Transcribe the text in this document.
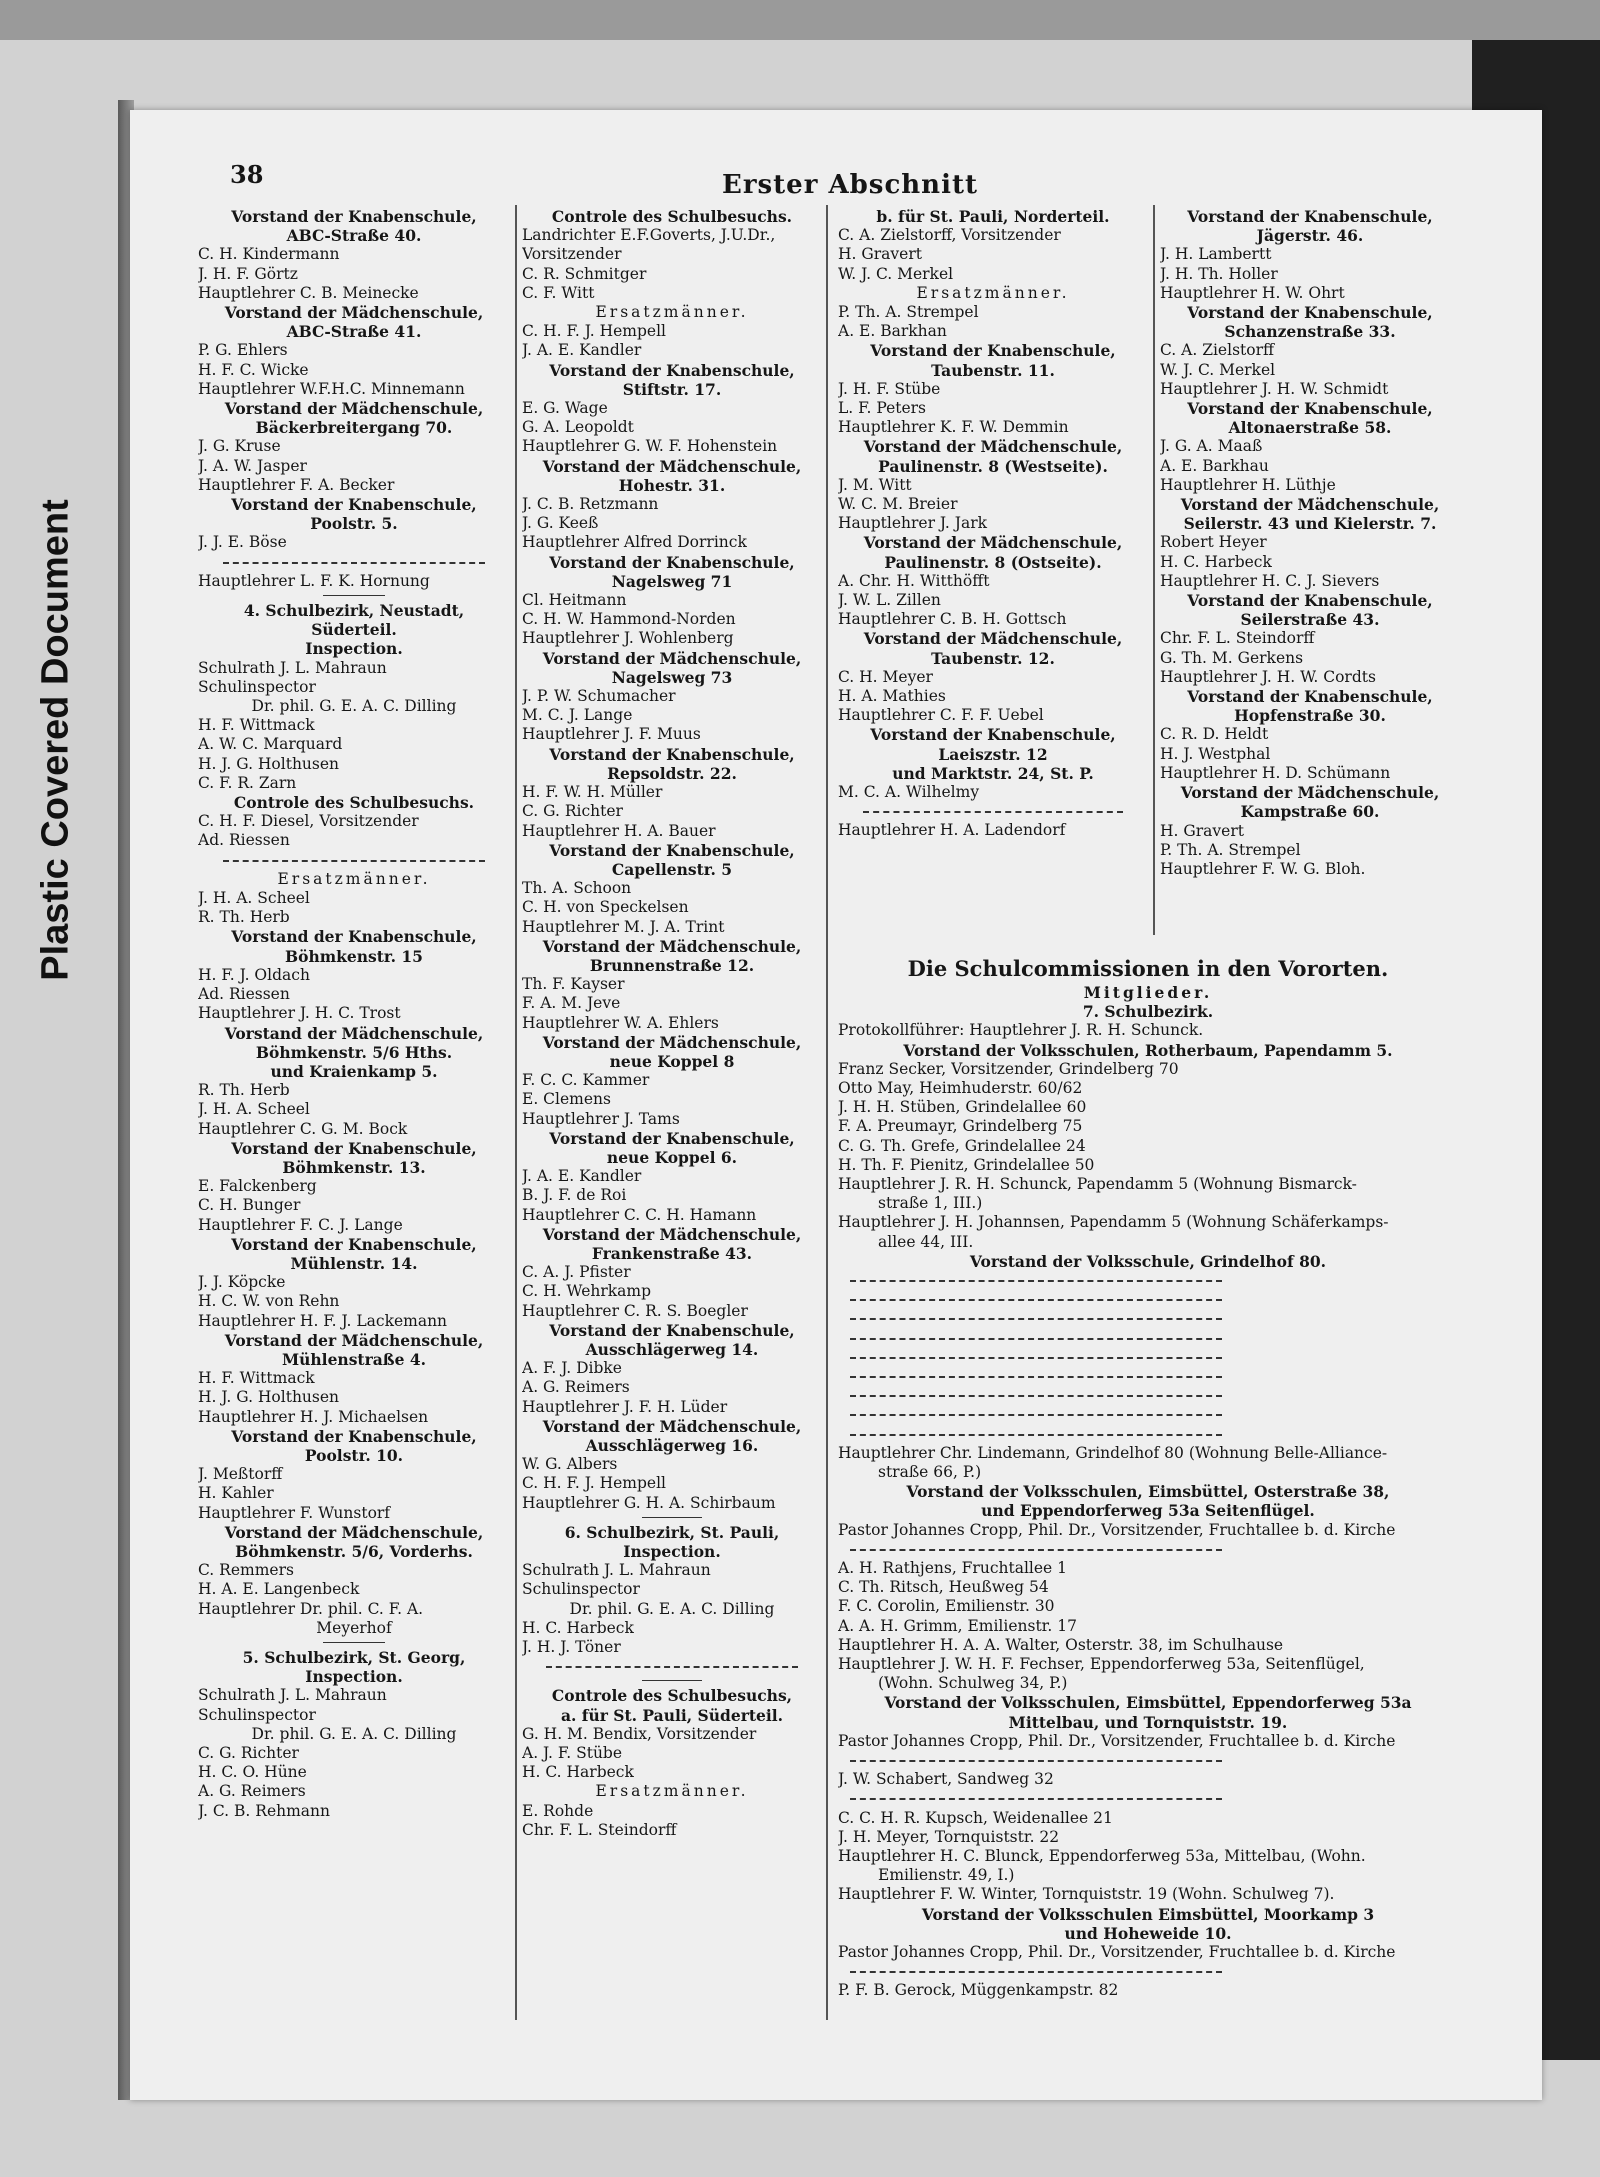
Plastic Covered Document
38	Erster Abschnitt
Vorstand der Knabenschule,
ABC-Straße 40.
C. H. Kindermann
J. H. F. Görtz
Hauptlehrer C. B. Meinecke
Vorstand der Mädchenschule,
ABC-Straße 41.
P. G. Ehlers
H. F. C. Wicke
Hauptlehrer W.F.H.C. Minnemann
Vorstand der Mädchenschule,
Bäckerbreitergang 70.
J. G. Kruse
J. A. W. Jasper
Hauptlehrer F. A. Becker
Vorstand der Knabenschule,
Poolstr. 5.
J. J. E. Böse
Hauptlehrer L. F. K. Hornung
4. Schulbezirk, Neustadt,
Süderteil.
Inspection.
Schulrath J. L. Mahraun
Schulinspector
Dr. phil. G. E. A. C. Dilling
H. F. Wittmack
A. W. C. Marquard
H. J. G. Holthusen
C. F. R. Zarn
Controle des Schulbesuchs.
C. H. F. Diesel, Vorsitzender
Ad. Riessen
Ersatzmänner.
J. H. A. Scheel
R. Th. Herb
Vorstand der Knabenschule,
Böhmkenstr. 15
H. F. J. Oldach
Ad. Riessen
Hauptlehrer J. H. C. Trost
Vorstand der Mädchenschule,
Böhmkenstr. 5/6 Hths.
und Kraienkamp 5.
R. Th. Herb
J. H. A. Scheel
Hauptlehrer C. G. M. Bock
Vorstand der Knabenschule,
Böhmkenstr. 13.
E. Falckenberg
C. H. Bunger
Hauptlehrer F. C. J. Lange
Vorstand der Knabenschule,
Mühlenstr. 14.
J. J. Köpcke
H. C. W. von Rehn
Hauptlehrer H. F. J. Lackemann
Vorstand der Mädchenschule,
Mühlenstraße 4.
H. F. Wittmack
H. J. G. Holthusen
Hauptlehrer H. J. Michaelsen
Vorstand der Knabenschule,
Poolstr. 10.
J. Meßtorff
H. Kahler
Hauptlehrer F. Wunstorf
Vorstand der Mädchenschule,
Böhmkenstr. 5/6, Vorderhs.
C. Remmers
H. A. E. Langenbeck
Hauptlehrer Dr. phil. C. F. A.
Meyerhof
5. Schulbezirk, St. Georg,
Inspection.
Schulrath J. L. Mahraun
Schulinspector
Dr. phil. G. E. A. C. Dilling
C. G. Richter
H. C. O. Hüne
A. G. Reimers
J. C. B. Rehmann
Controle des Schulbesuchs.
Landrichter E.F.Goverts, J.U.Dr.,
Vorsitzender
C. R. Schmitger
C. F. Witt
Ersatzmänner.
C. H. F. J. Hempell
J. A. E. Kandler
Vorstand der Knabenschule,
Stiftstr. 17.
E. G. Wage
G. A. Leopoldt
Hauptlehrer G. W. F. Hohenstein
Vorstand der Mädchenschule,
Hohestr. 31.
J. C. B. Retzmann
J. G. Keeß
Hauptlehrer Alfred Dorrinck
Vorstand der Knabenschule,
Nagelsweg 71
Cl. Heitmann
C. H. W. Hammond-Norden
Hauptlehrer J. Wohlenberg
Vorstand der Mädchenschule,
Nagelsweg 73
J. P. W. Schumacher
M. C. J. Lange
Hauptlehrer J. F. Muus
Vorstand der Knabenschule,
Repsoldstr. 22.
H. F. W. H. Müller
C. G. Richter
Hauptlehrer H. A. Bauer
Vorstand der Knabenschule,
Capellenstr. 5
Th. A. Schoon
C. H. von Speckelsen
Hauptlehrer M. J. A. Trint
Vorstand der Mädchenschule,
Brunnenstraße 12.
Th. F. Kayser
F. A. M. Jeve
Hauptlehrer W. A. Ehlers
Vorstand der Mädchenschule,
neue Koppel 8
F. C. C. Kammer
E. Clemens
Hauptlehrer J. Tams
Vorstand der Knabenschule,
neue Koppel 6.
J. A. E. Kandler
B. J. F. de Roi
Hauptlehrer C. C. H. Hamann
Vorstand der Mädchenschule,
Frankenstraße 43.
C. A. J. Pfister
C. H. Wehrkamp
Hauptlehrer C. R. S. Boegler
Vorstand der Knabenschule,
Ausschlägerweg 14.
A. F. J. Dibke
A. G. Reimers
Hauptlehrer J. F. H. Lüder
Vorstand der Mädchenschule,
Ausschlägerweg 16.
W. G. Albers
C. H. F. J. Hempell
Hauptlehrer G. H. A. Schirbaum
6. Schulbezirk, St. Pauli,
Inspection.
Schulrath J. L. Mahraun
Schulinspector
Dr. phil. G. E. A. C. Dilling
H. C. Harbeck
J. H. J. Töner
Controle des Schulbesuchs,
a. für St. Pauli, Süderteil.
G. H. M. Bendix, Vorsitzender
A. J. F. Stübe
H. C. Harbeck
Ersatzmänner.
E. Rohde
Chr. F. L. Steindorff
b. für St. Pauli, Norderteil.
C. A. Zielstorff, Vorsitzender
H. Gravert
W. J. C. Merkel
Ersatzmänner.
P. Th. A. Strempel
A. E. Barkhan
Vorstand der Knabenschule,
Taubenstr. 11.
J. H. F. Stübe
L. F. Peters
Hauptlehrer K. F. W. Demmin
Vorstand der Mädchenschule,
Paulinenstr. 8 (Westseite).
J. M. Witt
W. C. M. Breier
Hauptlehrer J. Jark
Vorstand der Mädchenschule,
Paulinenstr. 8 (Ostseite).
A. Chr. H. Witthöfft
J. W. L. Zillen
Hauptlehrer C. B. H. Gottsch
Vorstand der Mädchenschule,
Taubenstr. 12.
C. H. Meyer
H. A. Mathies
Hauptlehrer C. F. F. Uebel
Vorstand der Knabenschule,
Laeiszstr. 12
und Marktstr. 24, St. P.
M. C. A. Wilhelmy
Hauptlehrer H. A. Ladendorf
Vorstand der Knabenschule,
Jägerstr. 46.
J. H. Lambertt
J. H. Th. Holler
Hauptlehrer H. W. Ohrt
Vorstand der Knabenschule,
Schanzenstraße 33.
C. A. Zielstorff
W. J. C. Merkel
Hauptlehrer J. H. W. Schmidt
Vorstand der Knabenschule,
Altonaerstraße 58.
J. G. A. Maaß
A. E. Barkhau
Hauptlehrer H. Lüthje
Vorstand der Mädchenschule,
Seilerstr. 43 und Kielerstr. 7.
Robert Heyer
H. C. Harbeck
Hauptlehrer H. C. J. Sievers
Vorstand der Knabenschule,
Seilerstraße 43.
Chr. F. L. Steindorff
G. Th. M. Gerkens
Hauptlehrer J. H. W. Cordts
Vorstand der Knabenschule,
Hopfenstraße 30.
C. R. D. Heldt
H. J. Westphal
Hauptlehrer H. D. Schümann
Vorstand der Mädchenschule,
Kampstraße 60.
H. Gravert
P. Th. A. Strempel
Hauptlehrer F. W. G. Bloh.
Die Schulcommissionen in den Vororten.
Mitglieder.
7. Schulbezirk.
Protokollführer: Hauptlehrer J. R. H. Schunck.
Vorstand der Volksschulen, Rotherbaum, Papendamm 5.
Franz Secker, Vorsitzender, Grindelberg 70
Otto May, Heimhuderstr. 60/62
J. H. H. Stüben, Grindelallee 60
F. A. Preumayr, Grindelberg 75
C. G. Th. Grefe, Grindelallee 24
H. Th. F. Pienitz, Grindelallee 50
Hauptlehrer J. R. H. Schunck, Papendamm 5 (Wohnung Bismarck-
straße 1, III.)
Hauptlehrer J. H. Johannsen, Papendamm 5 (Wohnung Schäferkamps-
allee 44, III.
Vorstand der Volksschule, Grindelhof 80.
Hauptlehrer Chr. Lindemann, Grindelhof 80 (Wohnung Belle-Alliance-
straße 66, P.)
Vorstand der Volksschulen, Eimsbüttel, Osterstraße 38,
und Eppendorferweg 53a Seitenflügel.
Pastor Johannes Cropp, Phil. Dr., Vorsitzender, Fruchtallee b. d. Kirche
A. H. Rathjens, Fruchtallee 1
C. Th. Ritsch, Heußweg 54
F. C. Corolin, Emilienstr. 30
A. A. H. Grimm, Emilienstr. 17
Hauptlehrer H. A. A. Walter, Osterstr. 38, im Schulhause
Hauptlehrer J. W. H. F. Fechser, Eppendorferweg 53a, Seitenflügel,
(Wohn. Schulweg 34, P.)
Vorstand der Volksschulen, Eimsbüttel, Eppendorferweg 53a
Mittelbau, und Tornquiststr. 19.
Pastor Johannes Cropp, Phil. Dr., Vorsitzender, Fruchtallee b. d. Kirche
J. W. Schabert, Sandweg 32
C. C. H. R. Kupsch, Weidenallee 21
J. H. Meyer, Tornquiststr. 22
Hauptlehrer H. C. Blunck, Eppendorferweg 53a, Mittelbau, (Wohn.
Emilienstr. 49, I.)
Hauptlehrer F. W. Winter, Tornquiststr. 19 (Wohn. Schulweg 7).
Vorstand der Volksschulen Eimsbüttel, Moorkamp 3
und Hoheweide 10.
Pastor Johannes Cropp, Phil. Dr., Vorsitzender, Fruchtallee b. d. Kirche
P. F. B. Gerock, Müggenkampstr. 82
